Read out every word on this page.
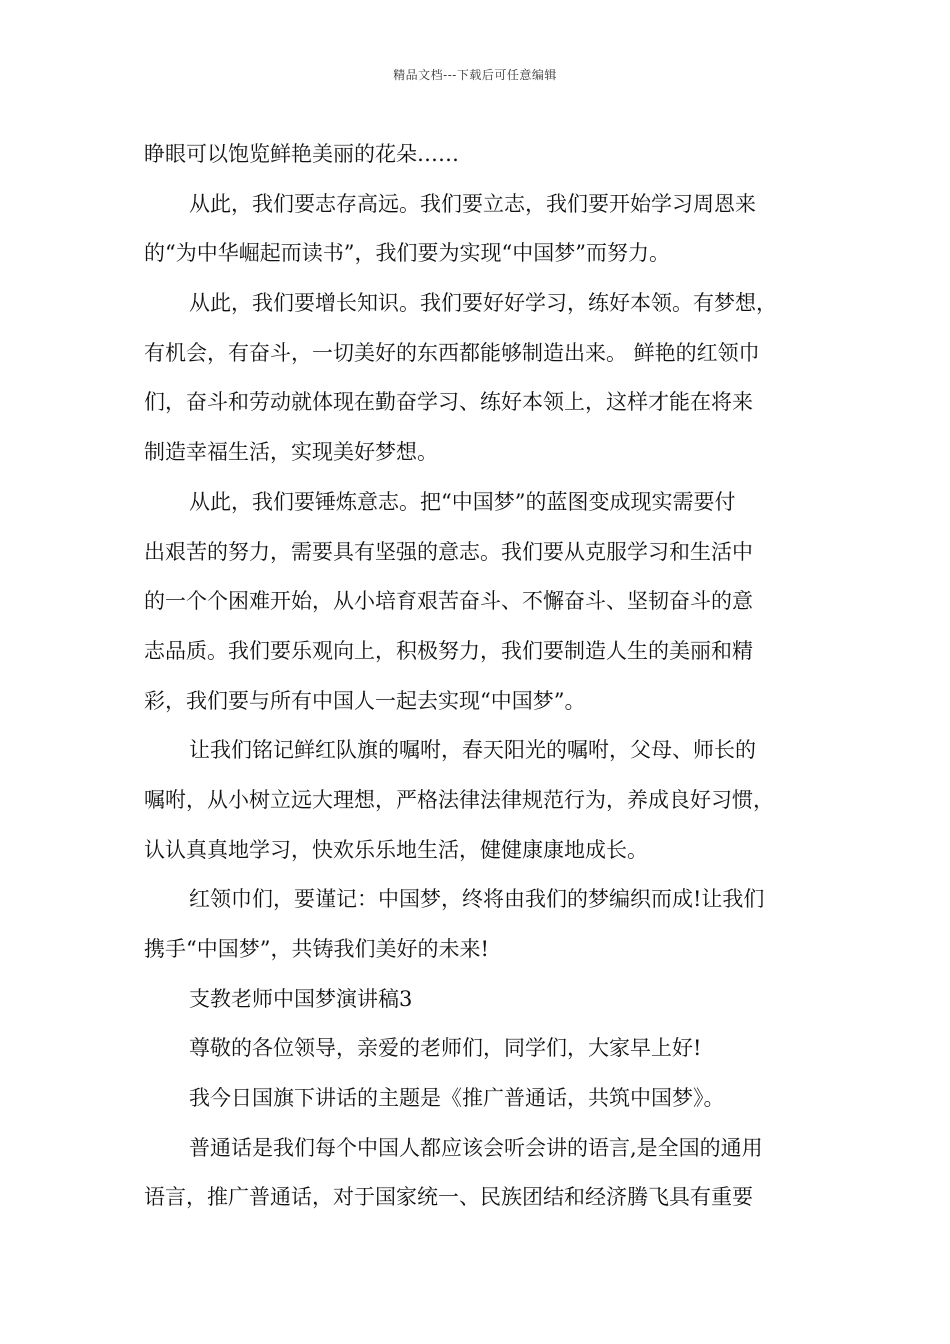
精品文档---下载后可任意编辑
睁眼可以饱览鲜艳美丽的花朵……
从此，我们要志存高远。我们要立志，我们要开始学习周恩来
的“为中华崛起而读书”，我们要为实现“中国梦”而努力。
从此，我们要增长知识。我们要好好学习，练好本领。有梦想，
有机会，有奋斗，一切美好的东西都能够制造出来。 鲜艳的红领巾
们，奋斗和劳动就体现在勤奋学习、练好本领上，这样才能在将来
制造幸福生活，实现美好梦想。
从此，我们要锤炼意志。把“中国梦”的蓝图变成现实需要付
出艰苦的努力，需要具有坚强的意志。我们要从克服学习和生活中
的一个个困难开始，从小培育艰苦奋斗、不懈奋斗、坚韧奋斗的意
志品质。我们要乐观向上，积极努力，我们要制造人生的美丽和精
彩，我们要与所有中国人一起去实现“中国梦”。
让我们铭记鲜红队旗的嘱咐，春天阳光的嘱咐，父母、师长的
嘱咐，从小树立远大理想，严格法律法律规范行为，养成良好习惯，
认认真真地学习，快欢乐乐地生活，健健康康地成长。
红领巾们，要谨记：中国梦，终将由我们的梦编织而成!让我们
携手“中国梦”，共铸我们美好的未来!
支教老师中国梦演讲稿3
尊敬的各位领导，亲爱的老师们，同学们，大家早上好!
我今日国旗下讲话的主题是《推广普通话，共筑中国梦》。
普通话是我们每个中国人都应该会听会讲的语言,是全国的通用
语言，推广普通话，对于国家统一、民族团结和经济腾飞具有重要
